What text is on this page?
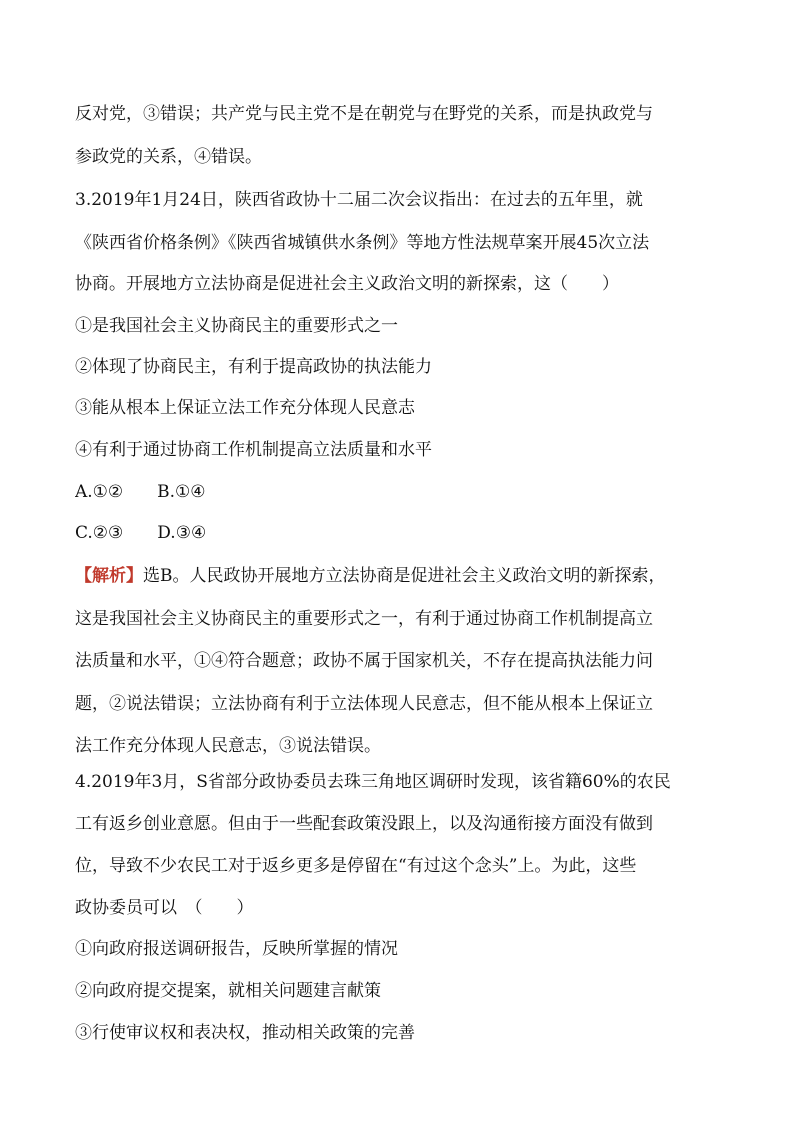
反对党，③错误；共产党与民主党不是在朝党与在野党的关系，而是执政党与
参政党的关系，④错误。
3.2019年1月24日，陕西省政协十二届二次会议指出：在过去的五年里，就
《陕西省价格条例》《陕西省城镇供水条例》等地方性法规草案开展45次立法
协商。开展地方立法协商是促进社会主义政治文明的新探索，这（　　）
①是我国社会主义协商民主的重要形式之一
②体现了协商民主，有利于提高政协的执法能力
③能从根本上保证立法工作充分体现人民意志
④有利于通过协商工作机制提高立法质量和水平
A.①②　　B.①④
C.②③　　D.③④
【解析】选B。人民政协开展地方立法协商是促进社会主义政治文明的新探索，
这是我国社会主义协商民主的重要形式之一，有利于通过协商工作机制提高立
法质量和水平，①④符合题意；政协不属于国家机关，不存在提高执法能力问
题，②说法错误；立法协商有利于立法体现人民意志，但不能从根本上保证立
法工作充分体现人民意志，③说法错误。
4.2019年3月，S省部分政协委员去珠三角地区调研时发现，该省籍60%的农民
工有返乡创业意愿。但由于一些配套政策没跟上，以及沟通衔接方面没有做到
位，导致不少农民工对于返乡更多是停留在“有过这个念头”上。为此，这些
政协委员可以　（　　）
①向政府报送调研报告，反映所掌握的情况
②向政府提交提案，就相关问题建言献策
③行使审议权和表决权，推动相关政策的完善
